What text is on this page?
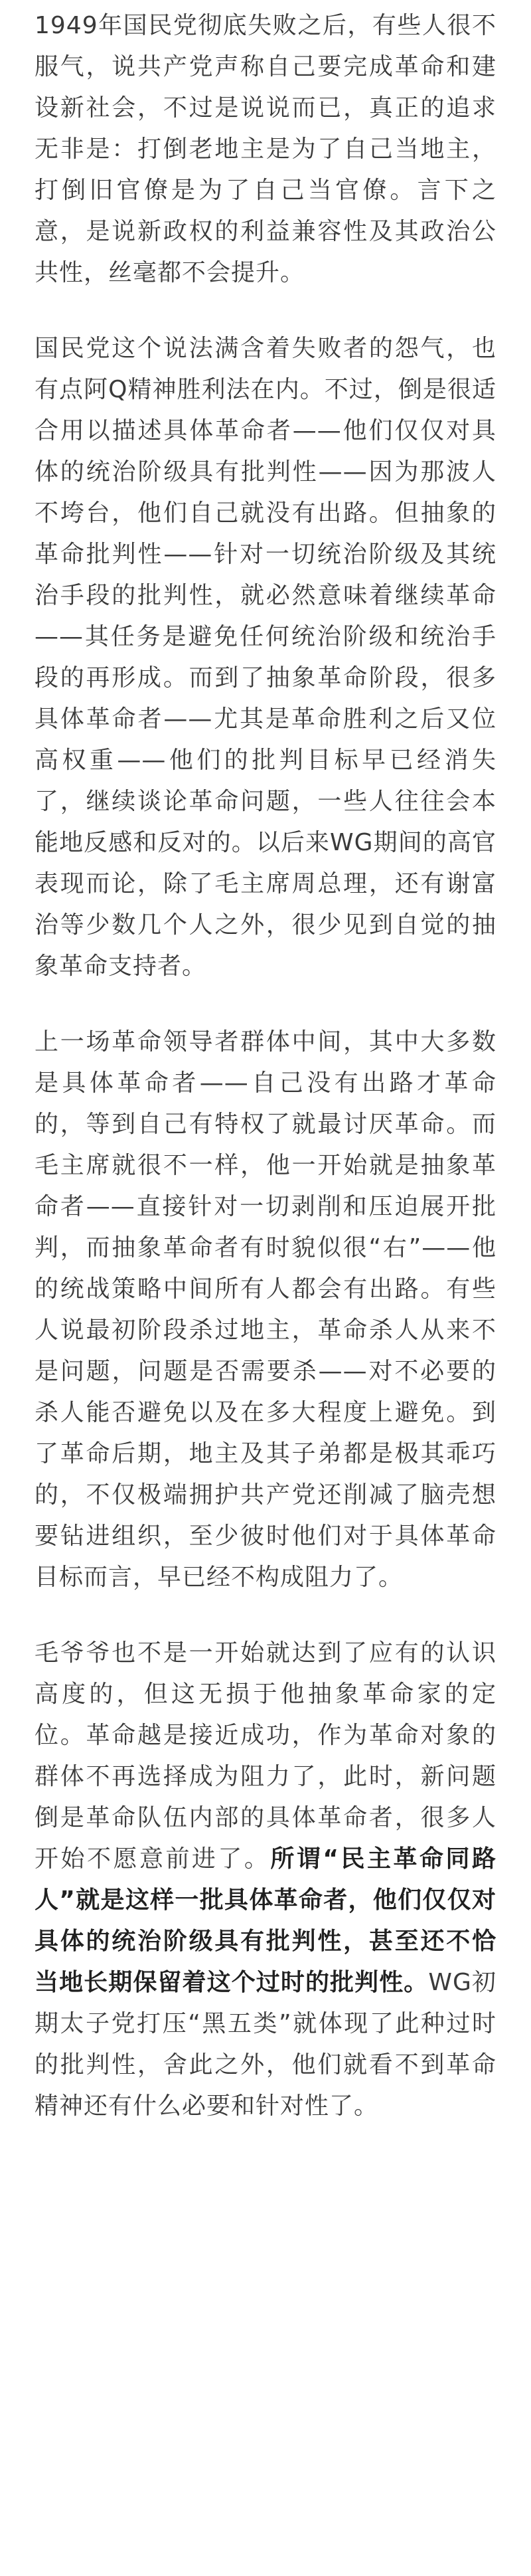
1949年国民党彻底失败之后，有些人很不服气，说共产党声称自己要完成革命和建设新社会，不过是说说而已，真正的追求无非是：打倒老地主是为了自己当地主，打倒旧官僚是为了自己当官僚。言下之意，是说新政权的利益兼容性及其政治公共性，丝毫都不会提升。

国民党这个说法满含着失败者的怨气，也有点阿Q精神胜利法在内。不过，倒是很适合用以描述具体革命者——他们仅仅对具体的统治阶级具有批判性——因为那波人不垮台，他们自己就没有出路。但抽象的革命批判性——针对一切统治阶级及其统治手段的批判性，就必然意味着继续革命——其任务是避免任何统治阶级和统治手段的再形成。而到了抽象革命阶段，很多具体革命者——尤其是革命胜利之后又位高权重——他们的批判目标早已经消失了，继续谈论革命问题，一些人往往会本能地反感和反对的。以后来WG期间的高官表现而论，除了毛主席周总理，还有谢富治等少数几个人之外，很少见到自觉的抽象革命支持者。

上一场革命领导者群体中间，其中大多数是具体革命者——自己没有出路才革命的，等到自己有特权了就最讨厌革命。而毛主席就很不一样，他一开始就是抽象革命者——直接针对一切剥削和压迫展开批判，而抽象革命者有时貌似很“右”——他的统战策略中间所有人都会有出路。有些人说最初阶段杀过地主，革命杀人从来不是问题，问题是否需要杀——对不必要的杀人能否避免以及在多大程度上避免。到了革命后期，地主及其子弟都是极其乖巧的，不仅极端拥护共产党还削减了脑壳想要钻进组织，至少彼时他们对于具体革命目标而言，早已经不构成阻力了。

毛爷爷也不是一开始就达到了应有的认识高度的，但这无损于他抽象革命家的定位。革命越是接近成功，作为革命对象的群体不再选择成为阻力了，此时，新问题倒是革命队伍内部的具体革命者，很多人开始不愿意前进了。所谓“民主革命同路人”就是这样一批具体革命者，他们仅仅对具体的统治阶级具有批判性，甚至还不恰当地长期保留着这个过时的批判性。WG初期太子党打压“黑五类”就体现了此种过时的批判性，舍此之外，他们就看不到革命精神还有什么必要和针对性了。
